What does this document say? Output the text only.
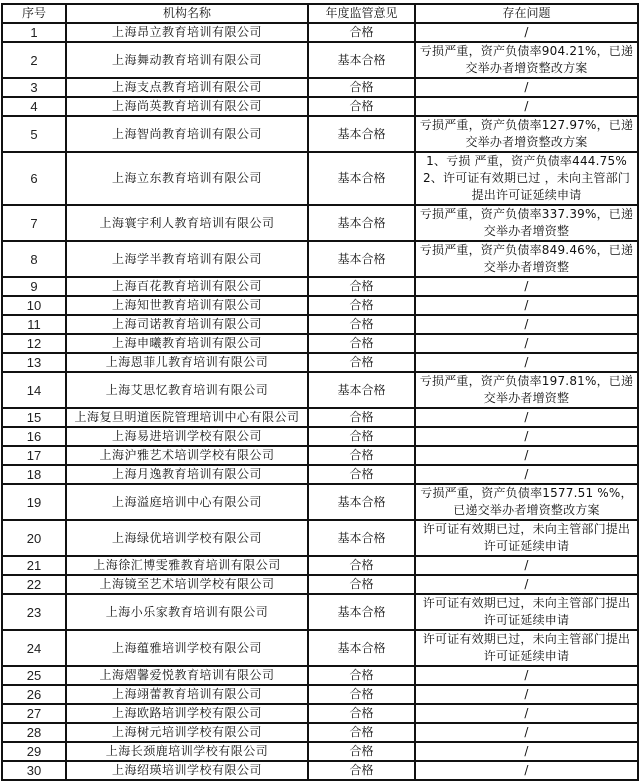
序号	机构名称	年度监管意见	存在问题
1	上海昂立教育培训有限公司	合格	/
2	上海舞动教育培训有限公司	基本合格	亏损严重，资产负债率904.21%，已递交举办者增资整改方案
3	上海支点教育培训有限公司	合格	/
4	上海尚英教育培训有限公司	合格	/
5	上海智尚教育培训有限公司	基本合格	亏损严重，资产负债率127.97%，已递交举办者增资整改方案
6	上海立东教育培训有限公司	基本合格	1、亏损 严重，资产负债率444.75% 2、许可证有效期已过 ，未向主管部门提出许可证延续申请
7	上海寰宇利人教育培训有限公司	基本合格	亏损严重，资产负债率337.39%，已递交举办者增资整
8	上海学半教育培训有限公司	基本合格	亏损严重，资产负债率849.46%，已递交举办者增资整
9	上海百花教育培训有限公司	合格	/
10	上海知世教育培训有限公司	合格	/
11	上海司诺教育培训有限公司	合格	/
12	上海申曦教育培训有限公司	合格	/
13	上海恩菲儿教育培训有限公司	合格	/
14	上海艾思忆教育培训有限公司	基本合格	亏损严重，资产负债率197.81%，已递交举办者增资整
15	上海复旦明道医院管理培训中心有限公司	合格	/
16	上海易进培训学校有限公司	合格	/
17	上海沪雅艺术培训学校有限公司	合格	/
18	上海月逸教育培训有限公司	合格	/
19	上海溢庭培训中心有限公司	基本合格	亏损严重，资产负债率1577.51 %%，已递交举办者增资整改方案
20	上海绿优培训学校有限公司	基本合格	许可证有效期已过，未向主管部门提出许可证延续申请
21	上海徐汇博雯雅教育培训有限公司	合格	/
22	上海镜至艺术培训学校有限公司	合格	/
23	上海小乐家教育培训有限公司	基本合格	许可证有效期已过，未向主管部门提出许可证延续申请
24	上海蕴雅培训学校有限公司	基本合格	许可证有效期已过，未向主管部门提出许可证延续申请
25	上海熠馨爱悦教育培训有限公司	合格	/
26	上海翊蕾教育培训有限公司	合格	/
27	上海欧路培训学校有限公司	合格	/
28	上海树元培训学校有限公司	合格	/
29	上海长颈鹿培训学校有限公司	合格	/
30	上海绍瑛培训学校有限公司	合格	/
